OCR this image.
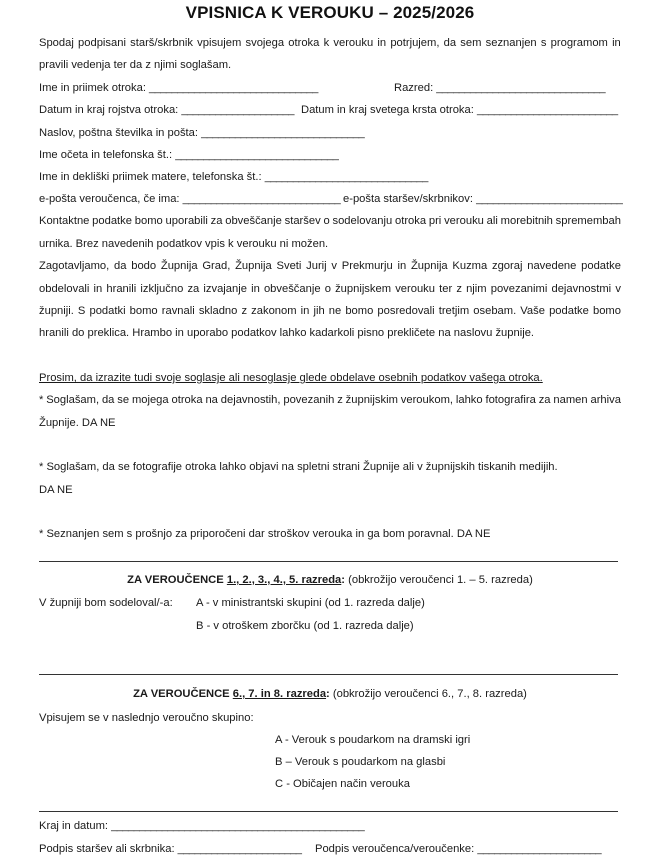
VPISNICA K VEROUKU – 2025/2026
Spodaj podpisani starš/skrbnik vpisujem svojega otroka k verouku in potrjujem, da sem seznanjen s programom in
pravili vedenja ter da z njimi soglašam.
Ime in priimek otroka: ______________________________	Razred: ______________________________
Datum in kraj rojstva otroka: ____________________ Datum in kraj svetega krsta otroka: _________________________
Naslov, poštna številka in pošta: _____________________________
Ime očeta in telefonska št.: _____________________________
Ime in dekliški priimek matere, telefonska št.: _____________________________
e-pošta veroučenca, če ima: ____________________________ e-pošta staršev/skrbnikov: __________________________
Kontaktne podatke bomo uporabili za obveščanje staršev o sodelovanju otroka pri verouku ali morebitnih spremembah
urnika. Brez navedenih podatkov vpis k verouku ni možen.
Zagotavljamo, da bodo Župnija Grad, Župnija Sveti Jurij v Prekmurju in Župnija Kuzma zgoraj navedene podatke
obdelovali in hranili izključno za izvajanje in obveščanje o župnijskem verouku ter z njim povezanimi dejavnostmi v
župniji. S podatki bomo ravnali skladno z zakonom in jih ne bomo posredovali tretjim osebam. Vaše podatke bomo
hranili do preklica. Hrambo in uporabo podatkov lahko kadarkoli pisno prekličete na naslovu župnije.
Prosim, da izrazite tudi svoje soglasje ali nesoglasje glede obdelave osebnih podatkov vašega otroka.
* Soglašam, da se mojega otroka na dejavnostih, povezanih z župnijskim veroukom, lahko fotografira za namen arhiva
Župnije. DA NE
* Soglašam, da se fotografije otroka lahko objavi na spletni strani Župnije ali v župnijskih tiskanih medijih.
DA NE
* Seznanjen sem s prošnjo za priporočeni dar stroškov verouka in ga bom poravnal. DA NE
ZA VEROUČENCE 1., 2., 3., 4., 5. razreda: (obkrožijo veroučenci 1. – 5. razreda)
V župniji bom sodeloval/-a: A - v ministrantski skupini (od 1. razreda dalje)
B - v otroškem zborčku (od 1. razreda dalje)
ZA VEROUČENCE 6., 7. in 8. razreda: (obkrožijo veroučenci 6., 7., 8. razreda)
Vpisujem se v naslednjo veroučno skupino:
A - Verouk s poudarkom na dramski igri
B – Verouk s poudarkom na glasbi
C - Običajen način verouka
Kraj in datum: _____________________________________________
Podpis staršev ali skrbnika: ______________________ Podpis veroučenca/veroučenke: ______________________
